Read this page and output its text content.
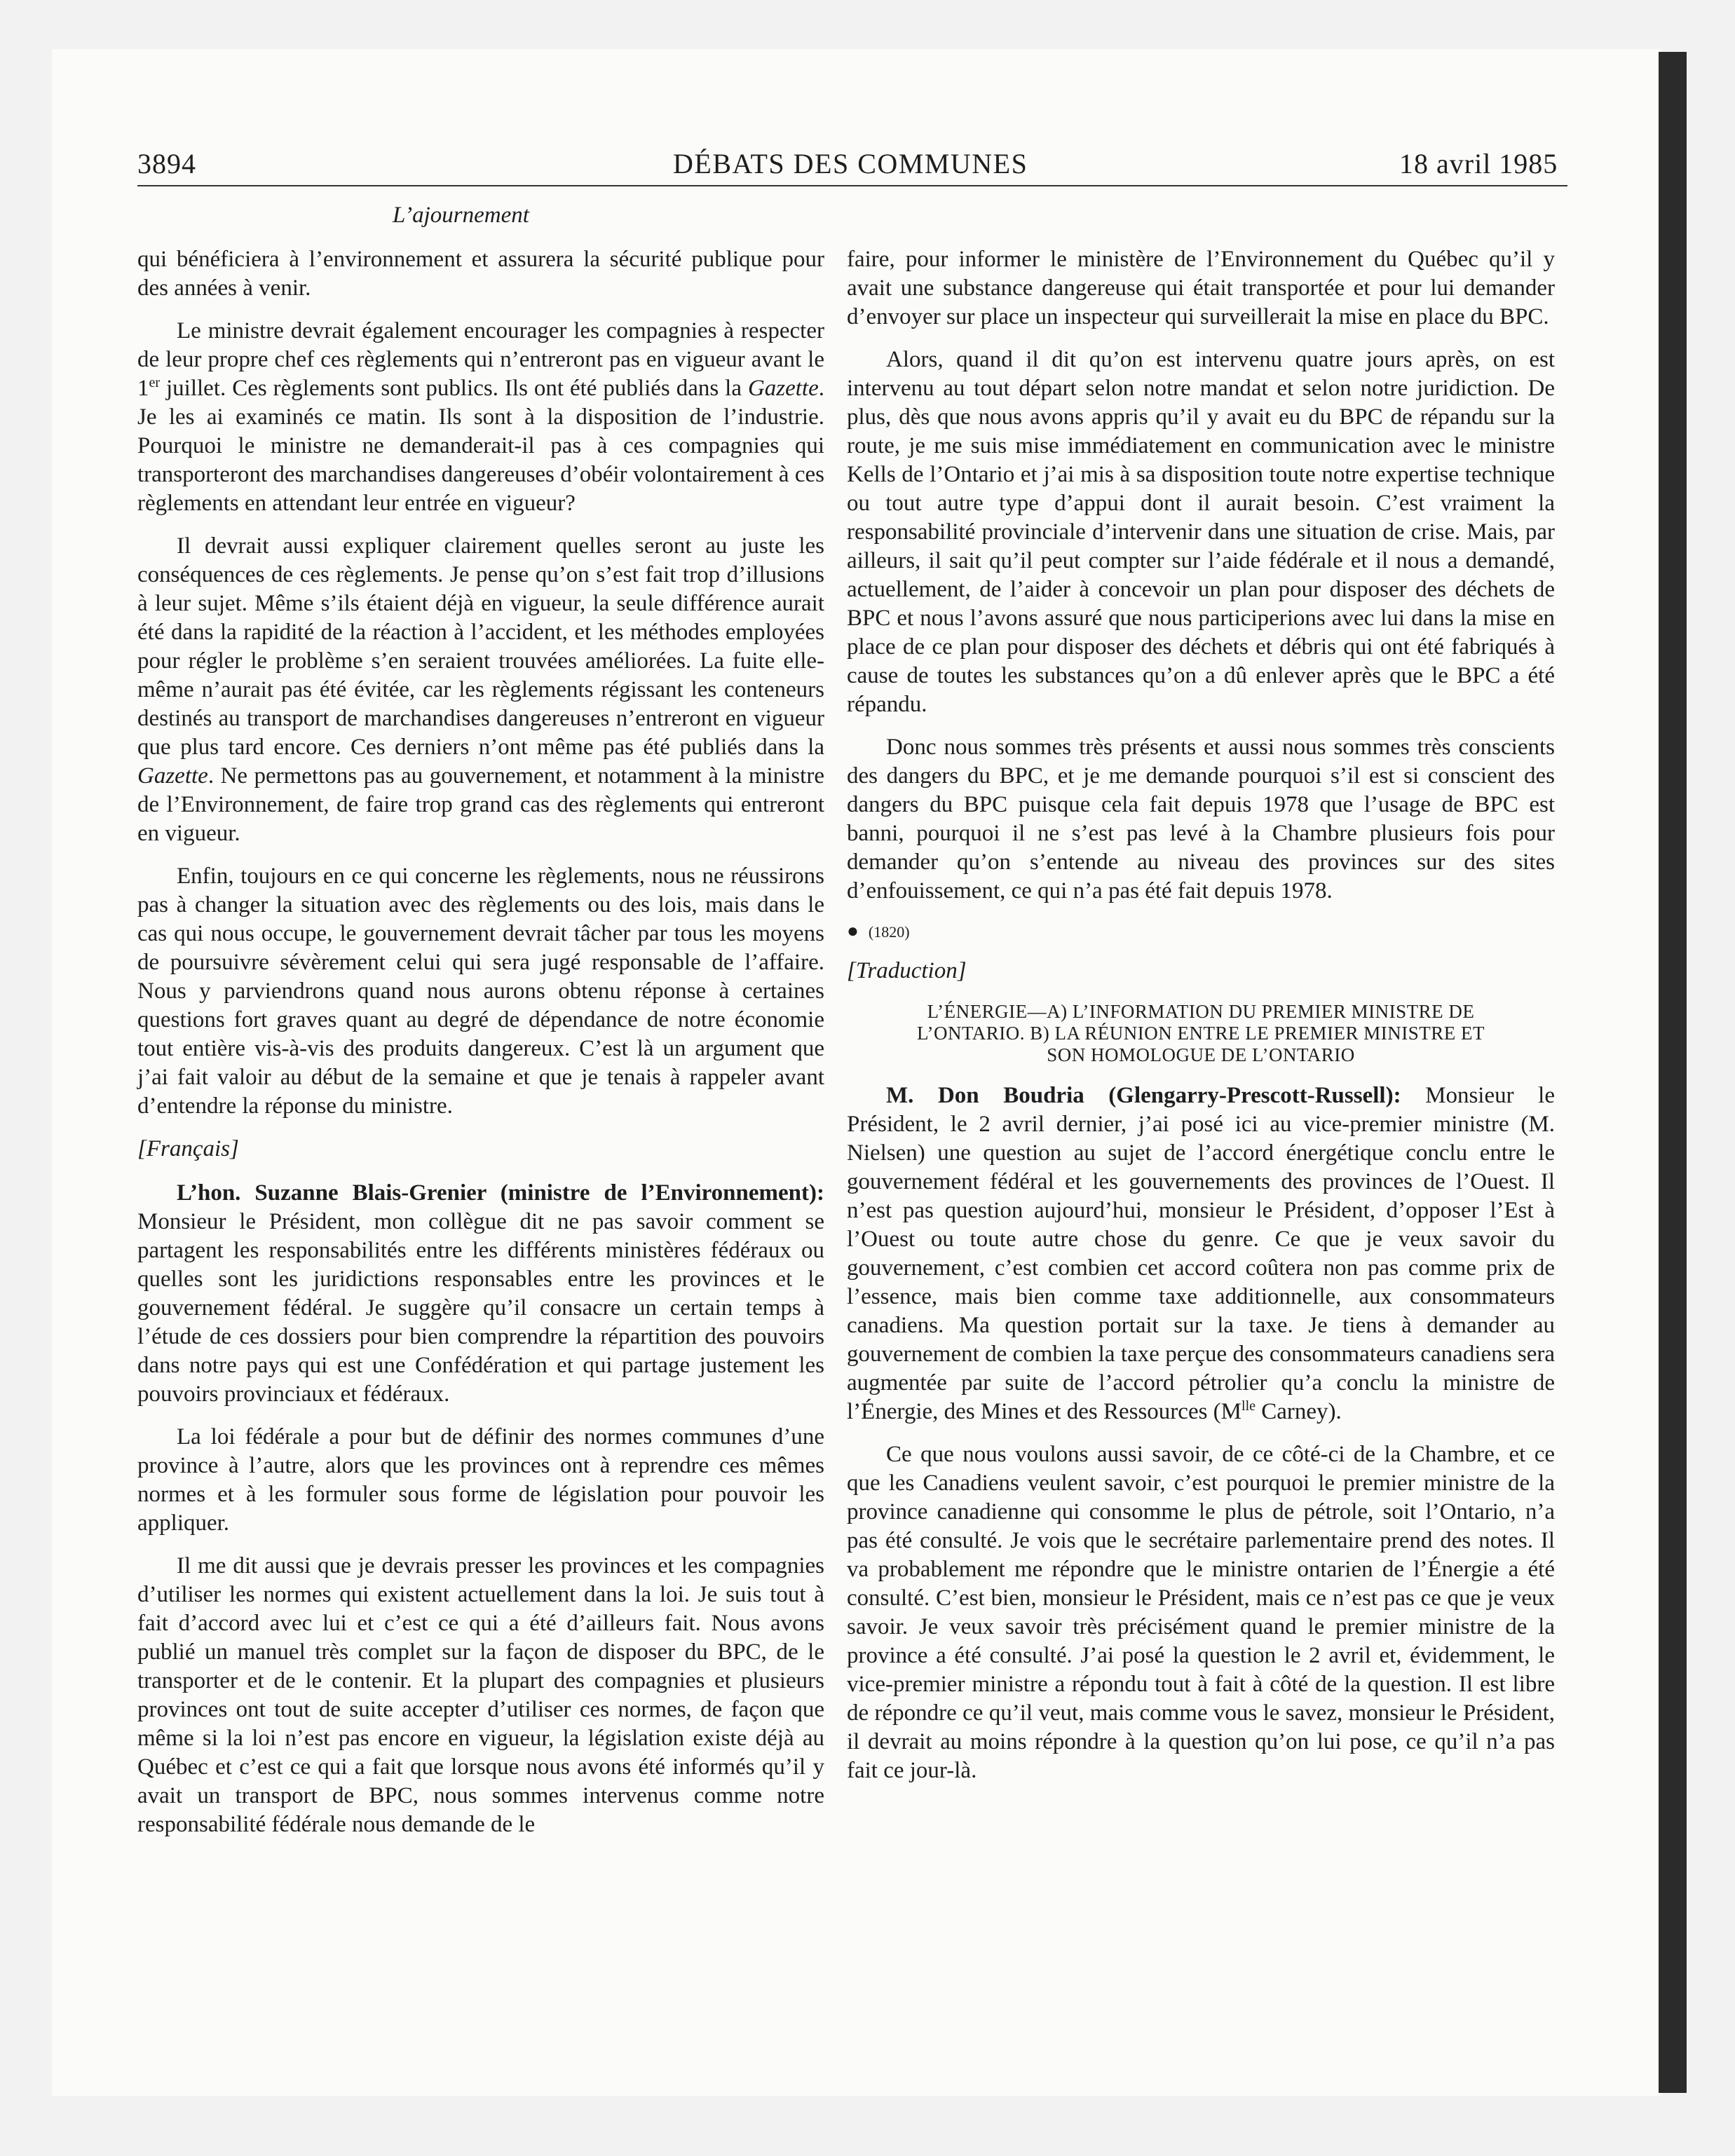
3894	DÉBATS DES COMMUNES	18 avril 1985
L’ajournement

qui bénéficiera à l’environnement et assurera la sécurité publique pour des années à venir.

Le ministre devrait également encourager les compagnies à respecter de leur propre chef ces règlements qui n’entreront pas en vigueur avant le 1er juillet. Ces règlements sont publics. Ils ont été publiés dans la Gazette. Je les ai examinés ce matin. Ils sont à la disposition de l’industrie. Pourquoi le ministre ne demanderait-il pas à ces compagnies qui transporteront des marchandises dangereuses d’obéir volontairement à ces règlements en attendant leur entrée en vigueur?

Il devrait aussi expliquer clairement quelles seront au juste les conséquences de ces règlements. Je pense qu’on s’est fait trop d’illusions à leur sujet. Même s’ils étaient déjà en vigueur, la seule différence aurait été dans la rapidité de la réaction à l’accident, et les méthodes employées pour régler le problème s’en seraient trouvées améliorées. La fuite elle-même n’aurait pas été évitée, car les règlements régissant les conteneurs destinés au transport de marchandises dangereuses n’entreront en vigueur que plus tard encore. Ces derniers n’ont même pas été publiés dans la Gazette. Ne permettons pas au gouvernement, et notamment à la ministre de l’Environnement, de faire trop grand cas des règlements qui entreront en vigueur.

Enfin, toujours en ce qui concerne les règlements, nous ne réussirons pas à changer la situation avec des règlements ou des lois, mais dans le cas qui nous occupe, le gouvernement devrait tâcher par tous les moyens de poursuivre sévèrement celui qui sera jugé responsable de l’affaire. Nous y parviendrons quand nous aurons obtenu réponse à certaines questions fort graves quant au degré de dépendance de notre économie tout entière vis-à-vis des produits dangereux. C’est là un argument que j’ai fait valoir au début de la semaine et que je tenais à rappeler avant d’entendre la réponse du ministre.

[Français]

L’hon. Suzanne Blais-Grenier (ministre de l’Environnement): Monsieur le Président, mon collègue dit ne pas savoir comment se partagent les responsabilités entre les différents ministères fédéraux ou quelles sont les juridictions responsables entre les provinces et le gouvernement fédéral. Je suggère qu’il consacre un certain temps à l’étude de ces dossiers pour bien comprendre la répartition des pouvoirs dans notre pays qui est une Confédération et qui partage justement les pouvoirs provinciaux et fédéraux.

La loi fédérale a pour but de définir des normes communes d’une province à l’autre, alors que les provinces ont à reprendre ces mêmes normes et à les formuler sous forme de législation pour pouvoir les appliquer.

Il me dit aussi que je devrais presser les provinces et les compagnies d’utiliser les normes qui existent actuellement dans la loi. Je suis tout à fait d’accord avec lui et c’est ce qui a été d’ailleurs fait. Nous avons publié un manuel très complet sur la façon de disposer du BPC, de le transporter et de le contenir. Et la plupart des compagnies et plusieurs provinces ont tout de suite accepter d’utiliser ces normes, de façon que même si la loi n’est pas encore en vigueur, la législation existe déjà au Québec et c’est ce qui a fait que lorsque nous avons été informés qu’il y avait un transport de BPC, nous sommes intervenus comme notre responsabilité fédérale nous demande de le

faire, pour informer le ministère de l’Environnement du Québec qu’il y avait une substance dangereuse qui était transportée et pour lui demander d’envoyer sur place un inspecteur qui surveillerait la mise en place du BPC.

Alors, quand il dit qu’on est intervenu quatre jours après, on est intervenu au tout départ selon notre mandat et selon notre juridiction. De plus, dès que nous avons appris qu’il y avait eu du BPC de répandu sur la route, je me suis mise immédiatement en communication avec le ministre Kells de l’Ontario et j’ai mis à sa disposition toute notre expertise technique ou tout autre type d’appui dont il aurait besoin. C’est vraiment la responsabilité provinciale d’intervenir dans une situation de crise. Mais, par ailleurs, il sait qu’il peut compter sur l’aide fédérale et il nous a demandé, actuellement, de l’aider à concevoir un plan pour disposer des déchets de BPC et nous l’avons assuré que nous participerions avec lui dans la mise en place de ce plan pour disposer des déchets et débris qui ont été fabriqués à cause de toutes les substances qu’on a dû enlever après que le BPC a été répandu.

Donc nous sommes très présents et aussi nous sommes très conscients des dangers du BPC, et je me demande pourquoi s’il est si conscient des dangers du BPC puisque cela fait depuis 1978 que l’usage de BPC est banni, pourquoi il ne s’est pas levé à la Chambre plusieurs fois pour demander qu’on s’entende au niveau des provinces sur des sites d’enfouissement, ce qui n’a pas été fait depuis 1978.

● (1820)
[Traduction]
L’ÉNERGIE—A) L’INFORMATION DU PREMIER MINISTRE DE
L’ONTARIO. B) LA RÉUNION ENTRE LE PREMIER MINISTRE ET
SON HOMOLOGUE DE L’ONTARIO

M. Don Boudria (Glengarry-Prescott-Russell): Monsieur le Président, le 2 avril dernier, j’ai posé ici au vice-premier ministre (M. Nielsen) une question au sujet de l’accord énergétique conclu entre le gouvernement fédéral et les gouvernements des provinces de l’Ouest. Il n’est pas question aujourd’hui, monsieur le Président, d’opposer l’Est à l’Ouest ou toute autre chose du genre. Ce que je veux savoir du gouvernement, c’est combien cet accord coûtera non pas comme prix de l’essence, mais bien comme taxe additionnelle, aux consommateurs canadiens. Ma question portait sur la taxe. Je tiens à demander au gouvernement de combien la taxe perçue des consommateurs canadiens sera augmentée par suite de l’accord pétrolier qu’a conclu la ministre de l’Énergie, des Mines et des Ressources ($M^{lle}$ Carney).

Ce que nous voulons aussi savoir, de ce côté-ci de la Chambre, et ce que les Canadiens veulent savoir, c’est pourquoi le premier ministre de la province canadienne qui consomme le plus de pétrole, soit l’Ontario, n’a pas été consulté. Je vois que le secrétaire parlementaire prend des notes. Il va probablement me répondre que le ministre ontarien de l’Énergie a été consulté. C’est bien, monsieur le Président, mais ce n’est pas ce que je veux savoir. Je veux savoir très précisément quand le premier ministre de la province a été consulté. J’ai posé la question le 2 avril et, évidemment, le vice-premier ministre a répondu tout à fait à côté de la question. Il est libre de répondre ce qu’il veut, mais comme vous le savez, monsieur le Président, il devrait au moins répondre à la question qu’on lui pose, ce qu’il n’a pas fait ce jour-là.
